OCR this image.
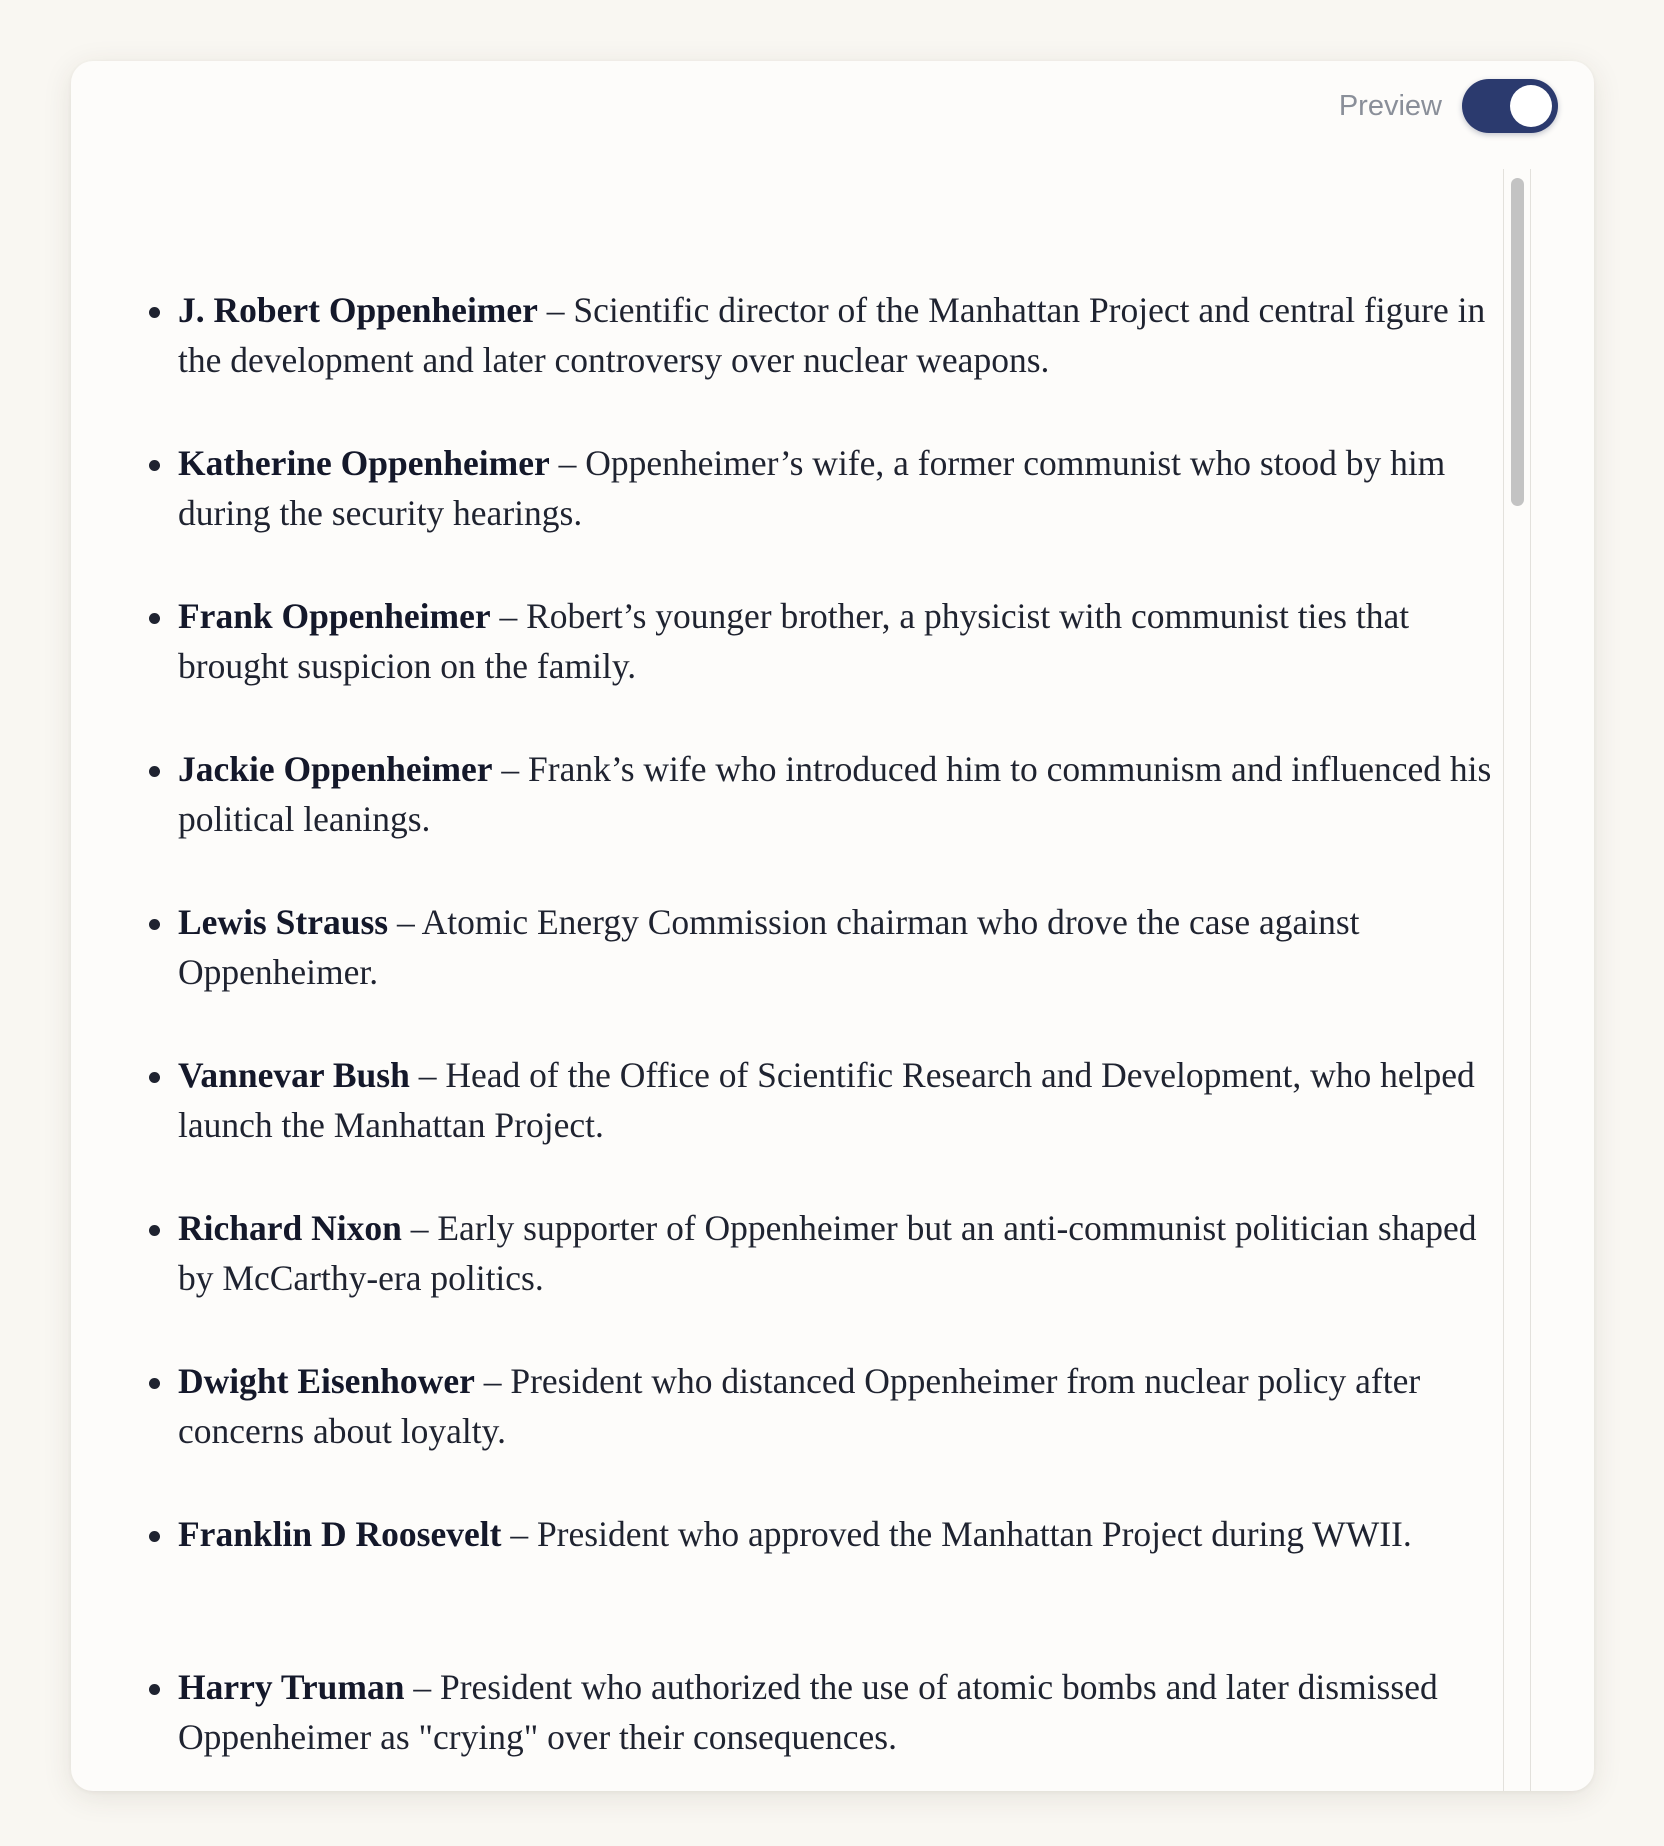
Preview
J. Robert Oppenheimer – Scientific director of the Manhattan Project and central figure in the development and later controversy over nuclear weapons.
Katherine Oppenheimer – Oppenheimer’s wife, a former communist who stood by him during the security hearings.
Frank Oppenheimer – Robert’s younger brother, a physicist with communist ties that brought suspicion on the family.
Jackie Oppenheimer – Frank’s wife who introduced him to communism and influenced his political leanings.
Lewis Strauss – Atomic Energy Commission chairman who drove the case against Oppenheimer.
Vannevar Bush – Head of the Office of Scientific Research and Development, who helped launch the Manhattan Project.
Richard Nixon – Early supporter of Oppenheimer but an anti-communist politician shaped by McCarthy-era politics.
Dwight Eisenhower – President who distanced Oppenheimer from nuclear policy after concerns about loyalty.
Franklin D Roosevelt – President who approved the Manhattan Project during WWII.
Harry Truman – President who authorized the use of atomic bombs and later dismissed Oppenheimer as "crying" over their consequences.
